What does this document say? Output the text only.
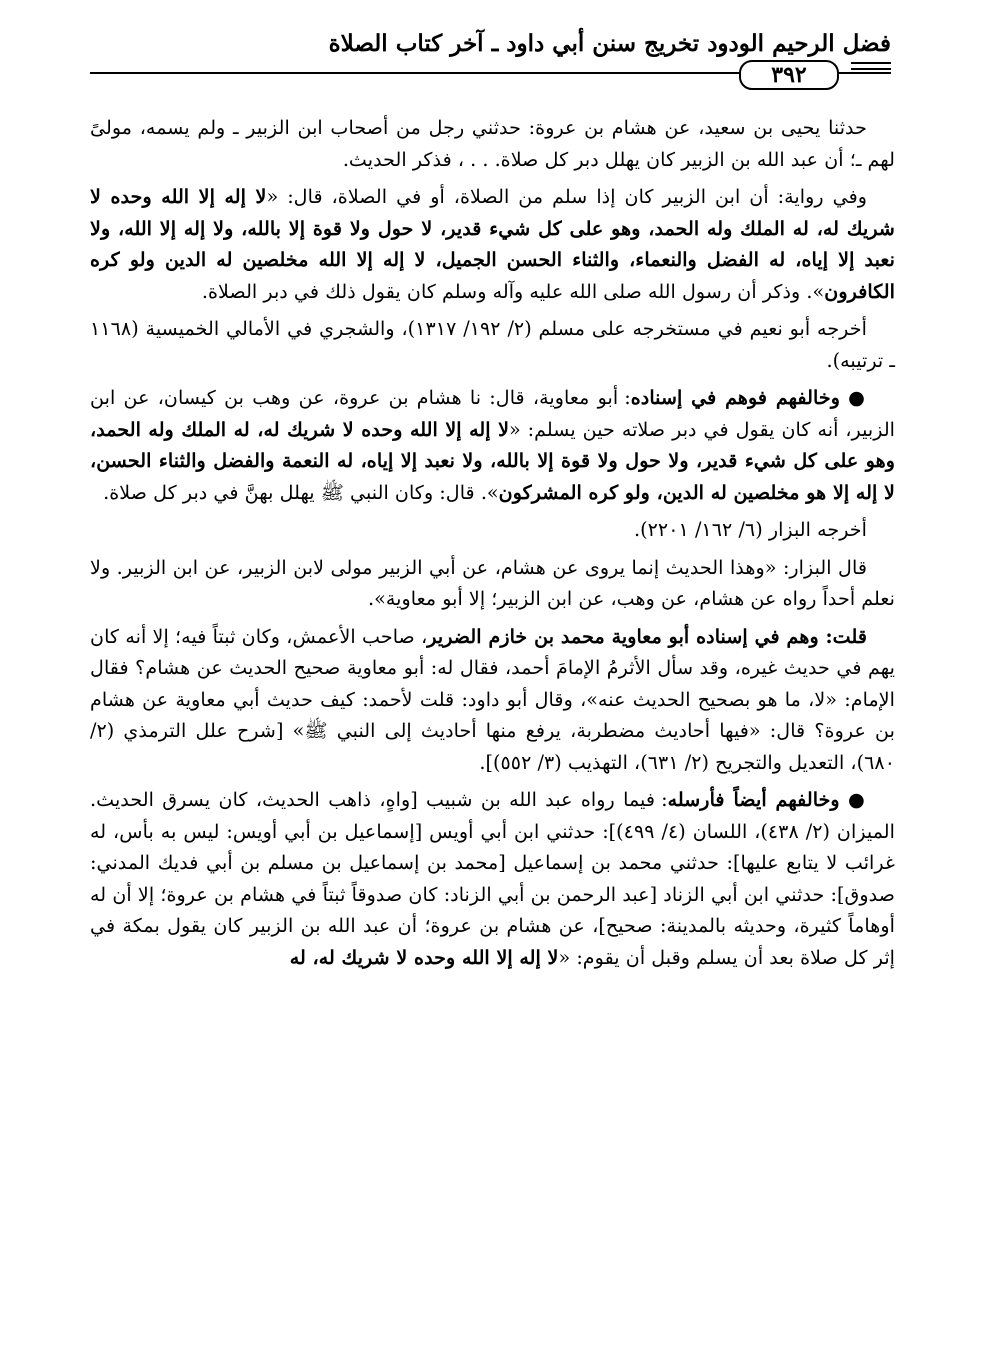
فضل الرحيم الودود تخريج سنن أبي داود ـ آخر كتاب الصلاة
٣٩٢

حدثنا يحيى بن سعيد، عن هشام بن عروة: حدثني رجل من أصحاب ابن الزبير ـ ولم يسمه، مولىً لهم ـ؛ أن عبد الله بن الزبير كان يهلل دبر كل صلاة. . . ، فذكر الحديث.

وفي رواية: أن ابن الزبير كان إذا سلم من الصلاة، أو في الصلاة، قال: «لا إله إلا الله وحده لا شريك له، له الملك وله الحمد، وهو على كل شيء قدير، لا حول ولا قوة إلا بالله، ولا إله إلا الله، ولا نعبد إلا إياه، له الفضل والنعماء، والثناء الحسن الجميل، لا إله إلا الله مخلصين له الدين ولو كره الكافرون». وذكر أن رسول الله صلى الله عليه وآله وسلم كان يقول ذلك في دبر الصلاة.

أخرجه أبو نعيم في مستخرجه على مسلم (٢/ ١٩٢/ ١٣١٧)، والشجري في الأمالي الخميسية (١١٦٨ ـ ترتيبه).

● وخالفهم فوهم في إسناده: أبو معاوية، قال: نا هشام بن عروة، عن وهب بن كيسان، عن ابن الزبير، أنه كان يقول في دبر صلاته حين يسلم: «لا إله إلا الله وحده لا شريك له، له الملك وله الحمد، وهو على كل شيء قدير، ولا حول ولا قوة إلا بالله، ولا نعبد إلا إياه، له النعمة والفضل والثناء الحسن، لا إله إلا هو مخلصين له الدين، ولو كره المشركون». قال: وكان النبي ﷺ يهلل بهنَّ في دبر كل صلاة.

أخرجه البزار (٦/ ١٦٢/ ٢٢٠١).

قال البزار: «وهذا الحديث إنما يروى عن هشام، عن أبي الزبير مولى لابن الزبير، عن ابن الزبير. ولا نعلم أحداً رواه عن هشام، عن وهب، عن ابن الزبير؛ إلا أبو معاوية».

قلت: وهم في إسناده أبو معاوية محمد بن خازم الضرير، صاحب الأعمش، وكان ثبتاً فيه؛ إلا أنه كان يهم في حديث غيره، وقد سأل الأثرمُ الإمامَ أحمد، فقال له: أبو معاوية صحيح الحديث عن هشام؟ فقال الإمام: «لا، ما هو بصحيح الحديث عنه»، وقال أبو داود: قلت لأحمد: كيف حديث أبي معاوية عن هشام بن عروة؟ قال: «فيها أحاديث مضطربة، يرفع منها أحاديث إلى النبي ﷺ» [شرح علل الترمذي (٢/ ٦٨٠)، التعديل والتجريح (٢/ ٦٣١)، التهذيب (٣/ ٥٥٢)].

● وخالفهم أيضاً فأرسله: فيما رواه عبد الله بن شبيب [واهٍ، ذاهب الحديث، كان يسرق الحديث. الميزان (٢/ ٤٣٨)، اللسان (٤/ ٤٩٩)]: حدثني ابن أبي أويس [إسماعيل بن أبي أويس: ليس به بأس، له غرائب لا يتابع عليها]: حدثني محمد بن إسماعيل [محمد بن إسماعيل بن مسلم بن أبي فديك المدني: صدوق]: حدثني ابن أبي الزناد [عبد الرحمن بن أبي الزناد: كان صدوقاً ثبتاً في هشام بن عروة؛ إلا أن له أوهاماً كثيرة، وحديثه بالمدينة: صحيح]، عن هشام بن عروة؛ أن عبد الله بن الزبير كان يقول بمكة في إثر كل صلاة بعد أن يسلم وقبل أن يقوم: «لا إله إلا الله وحده لا شريك له، له
